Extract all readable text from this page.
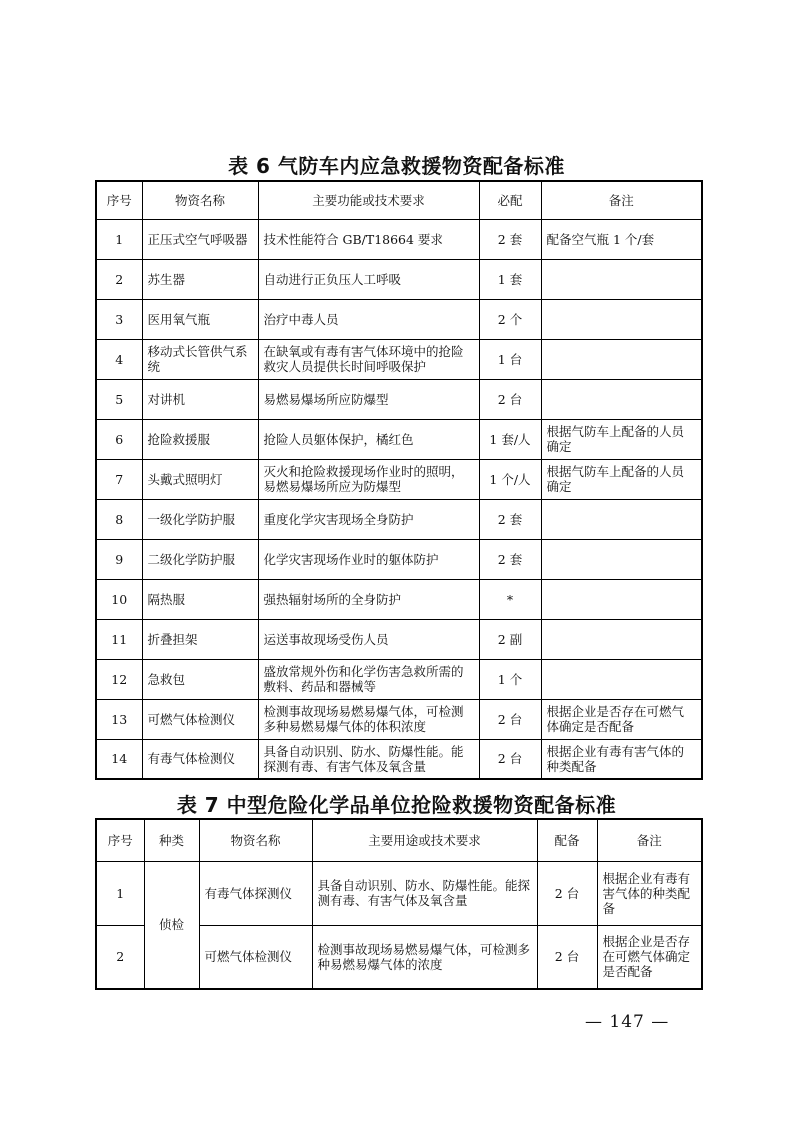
表 6 气防车内应急救援物资配备标准
序号	物资名称	主要功能或技术要求	必配	备注
1	正压式空气呼吸器	技术性能符合 GB/T18664 要求	2 套	配备空气瓶 1 个/套
2	苏生器	自动进行正负压人工呼吸	1 套	
3	医用氧气瓶	治疗中毒人员	2 个	
4	移动式长管供气系统	在缺氧或有毒有害气体环境中的抢险救灾人员提供长时间呼吸保护	1 台	
5	对讲机	易燃易爆场所应防爆型	2 台	
6	抢险救援服	抢险人员躯体保护，橘红色	1 套/人	根据气防车上配备的人员确定
7	头戴式照明灯	灭火和抢险救援现场作业时的照明，易燃易爆场所应为防爆型	1 个/人	根据气防车上配备的人员确定
8	一级化学防护服	重度化学灾害现场全身防护	2 套	
9	二级化学防护服	化学灾害现场作业时的躯体防护	2 套	
10	隔热服	强热辐射场所的全身防护	*	
11	折叠担架	运送事故现场受伤人员	2 副	
12	急救包	盛放常规外伤和化学伤害急救所需的敷料、药品和器械等	1 个	
13	可燃气体检测仪	检测事故现场易燃易爆气体，可检测多种易燃易爆气体的体积浓度	2 台	根据企业是否存在可燃气体确定是否配备
14	有毒气体检测仪	具备自动识别、防水、防爆性能。能探测有毒、有害气体及氧含量	2 台	根据企业有毒有害气体的种类配备
表 7 中型危险化学品单位抢险救援物资配备标准
序号	种类	物资名称	主要用途或技术要求	配备	备注
1	侦检	有毒气体探测仪	具备自动识别、防水、防爆性能。能探测有毒、有害气体及氧含量	2 台	根据企业有毒有害气体的种类配备
2		可燃气体检测仪	检测事故现场易燃易爆气体，可检测多种易燃易爆气体的浓度	2 台	根据企业是否存在可燃气体确定是否配备
— 147 —
